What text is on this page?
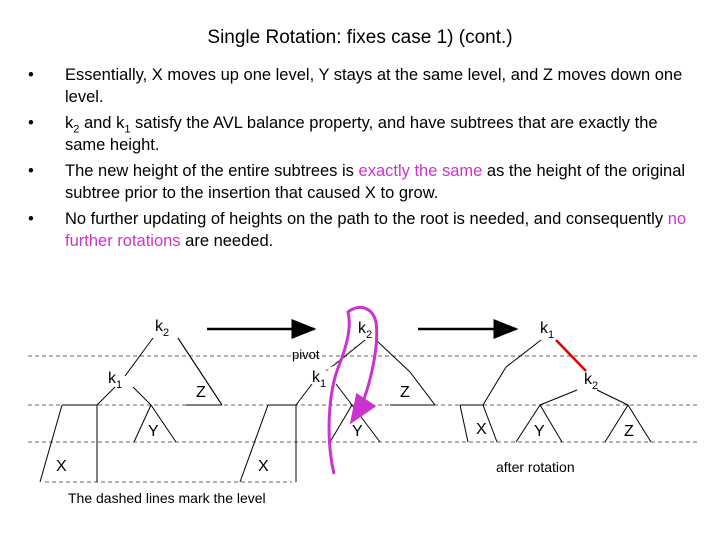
Single Rotation: fixes case 1) (cont.)
• Essentially, X moves up one level, Y stays at the same level, and Z moves down one level.
• $k_2$ and $k_1$ satisfy the AVL balance property, and have subtrees that are exactly the same height.
• The new height of the entire subtrees is exactly the same as the height of the original subtree prior to the insertion that caused X to grow.
• No further updating of heights on the path to the root is needed, and consequently no further rotations are needed.
$k_2$
$k_1$	Z
Y
X
$k_2$
pivot
$k_1$	Z
Y
X
$k_1$
$k_2$
X	Y	Z
after rotation
The dashed lines mark the level
